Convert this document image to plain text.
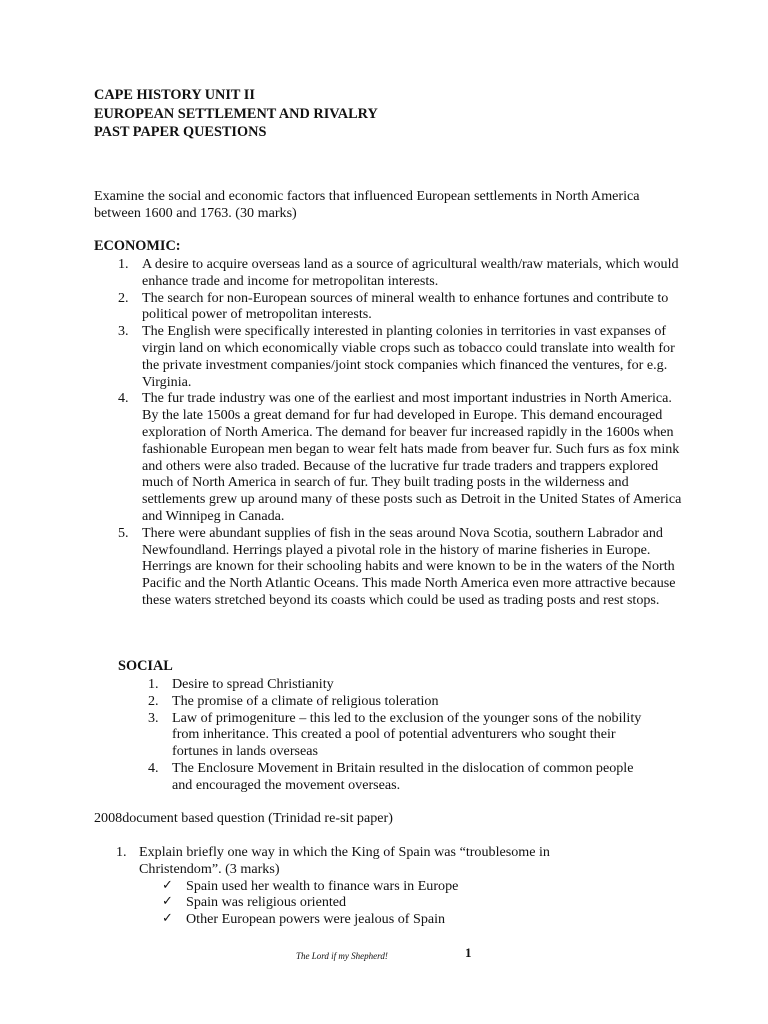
CAPE HISTORY UNIT II
EUROPEAN SETTLEMENT AND RIVALRY
PAST PAPER QUESTIONS
Examine the social and economic factors that influenced European settlements in North America between 1600 and 1763. (30 marks)
ECONOMIC:
1. A desire to acquire overseas land as a source of agricultural wealth/raw materials, which would enhance trade and income for metropolitan interests.
2. The search for non-European sources of mineral wealth to enhance fortunes and contribute to political power of metropolitan interests.
3. The English were specifically interested in planting colonies in territories in vast expanses of virgin land on which economically viable crops such as tobacco could translate into wealth for the private investment companies/joint stock companies which financed the ventures, for e.g. Virginia.
4. The fur trade industry was one of the earliest and most important industries in North America. By the late 1500s a great demand for fur had developed in Europe. This demand encouraged exploration of North America. The demand for beaver fur increased rapidly in the 1600s when fashionable European men began to wear felt hats made from beaver fur. Such furs as fox mink and others were also traded. Because of the lucrative fur trade traders and trappers explored much of North America in search of fur. They built trading posts in the wilderness and settlements grew up around many of these posts such as Detroit in the United States of America and Winnipeg in Canada.
5. There were abundant supplies of fish in the seas around Nova Scotia, southern Labrador and Newfoundland. Herrings played a pivotal role in the history of marine fisheries in Europe. Herrings are known for their schooling habits and were known to be in the waters of the North Pacific and the North Atlantic Oceans. This made North America even more attractive because these waters stretched beyond its coasts which could be used as trading posts and rest stops.
SOCIAL
1. Desire to spread Christianity
2. The promise of a climate of religious toleration
3. Law of primogeniture – this led to the exclusion of the younger sons of the nobility from inheritance. This created a pool of potential adventurers who sought their fortunes in lands overseas
4. The Enclosure Movement in Britain resulted in the dislocation of common people and encouraged the movement overseas.
2008document based question (Trinidad re-sit paper)
1. Explain briefly one way in which the King of Spain was “troublesome in Christendom”. (3 marks)
✓ Spain used her wealth to finance wars in Europe
✓ Spain was religious oriented
✓ Other European powers were jealous of Spain
The Lord if my Shepherd!	1
